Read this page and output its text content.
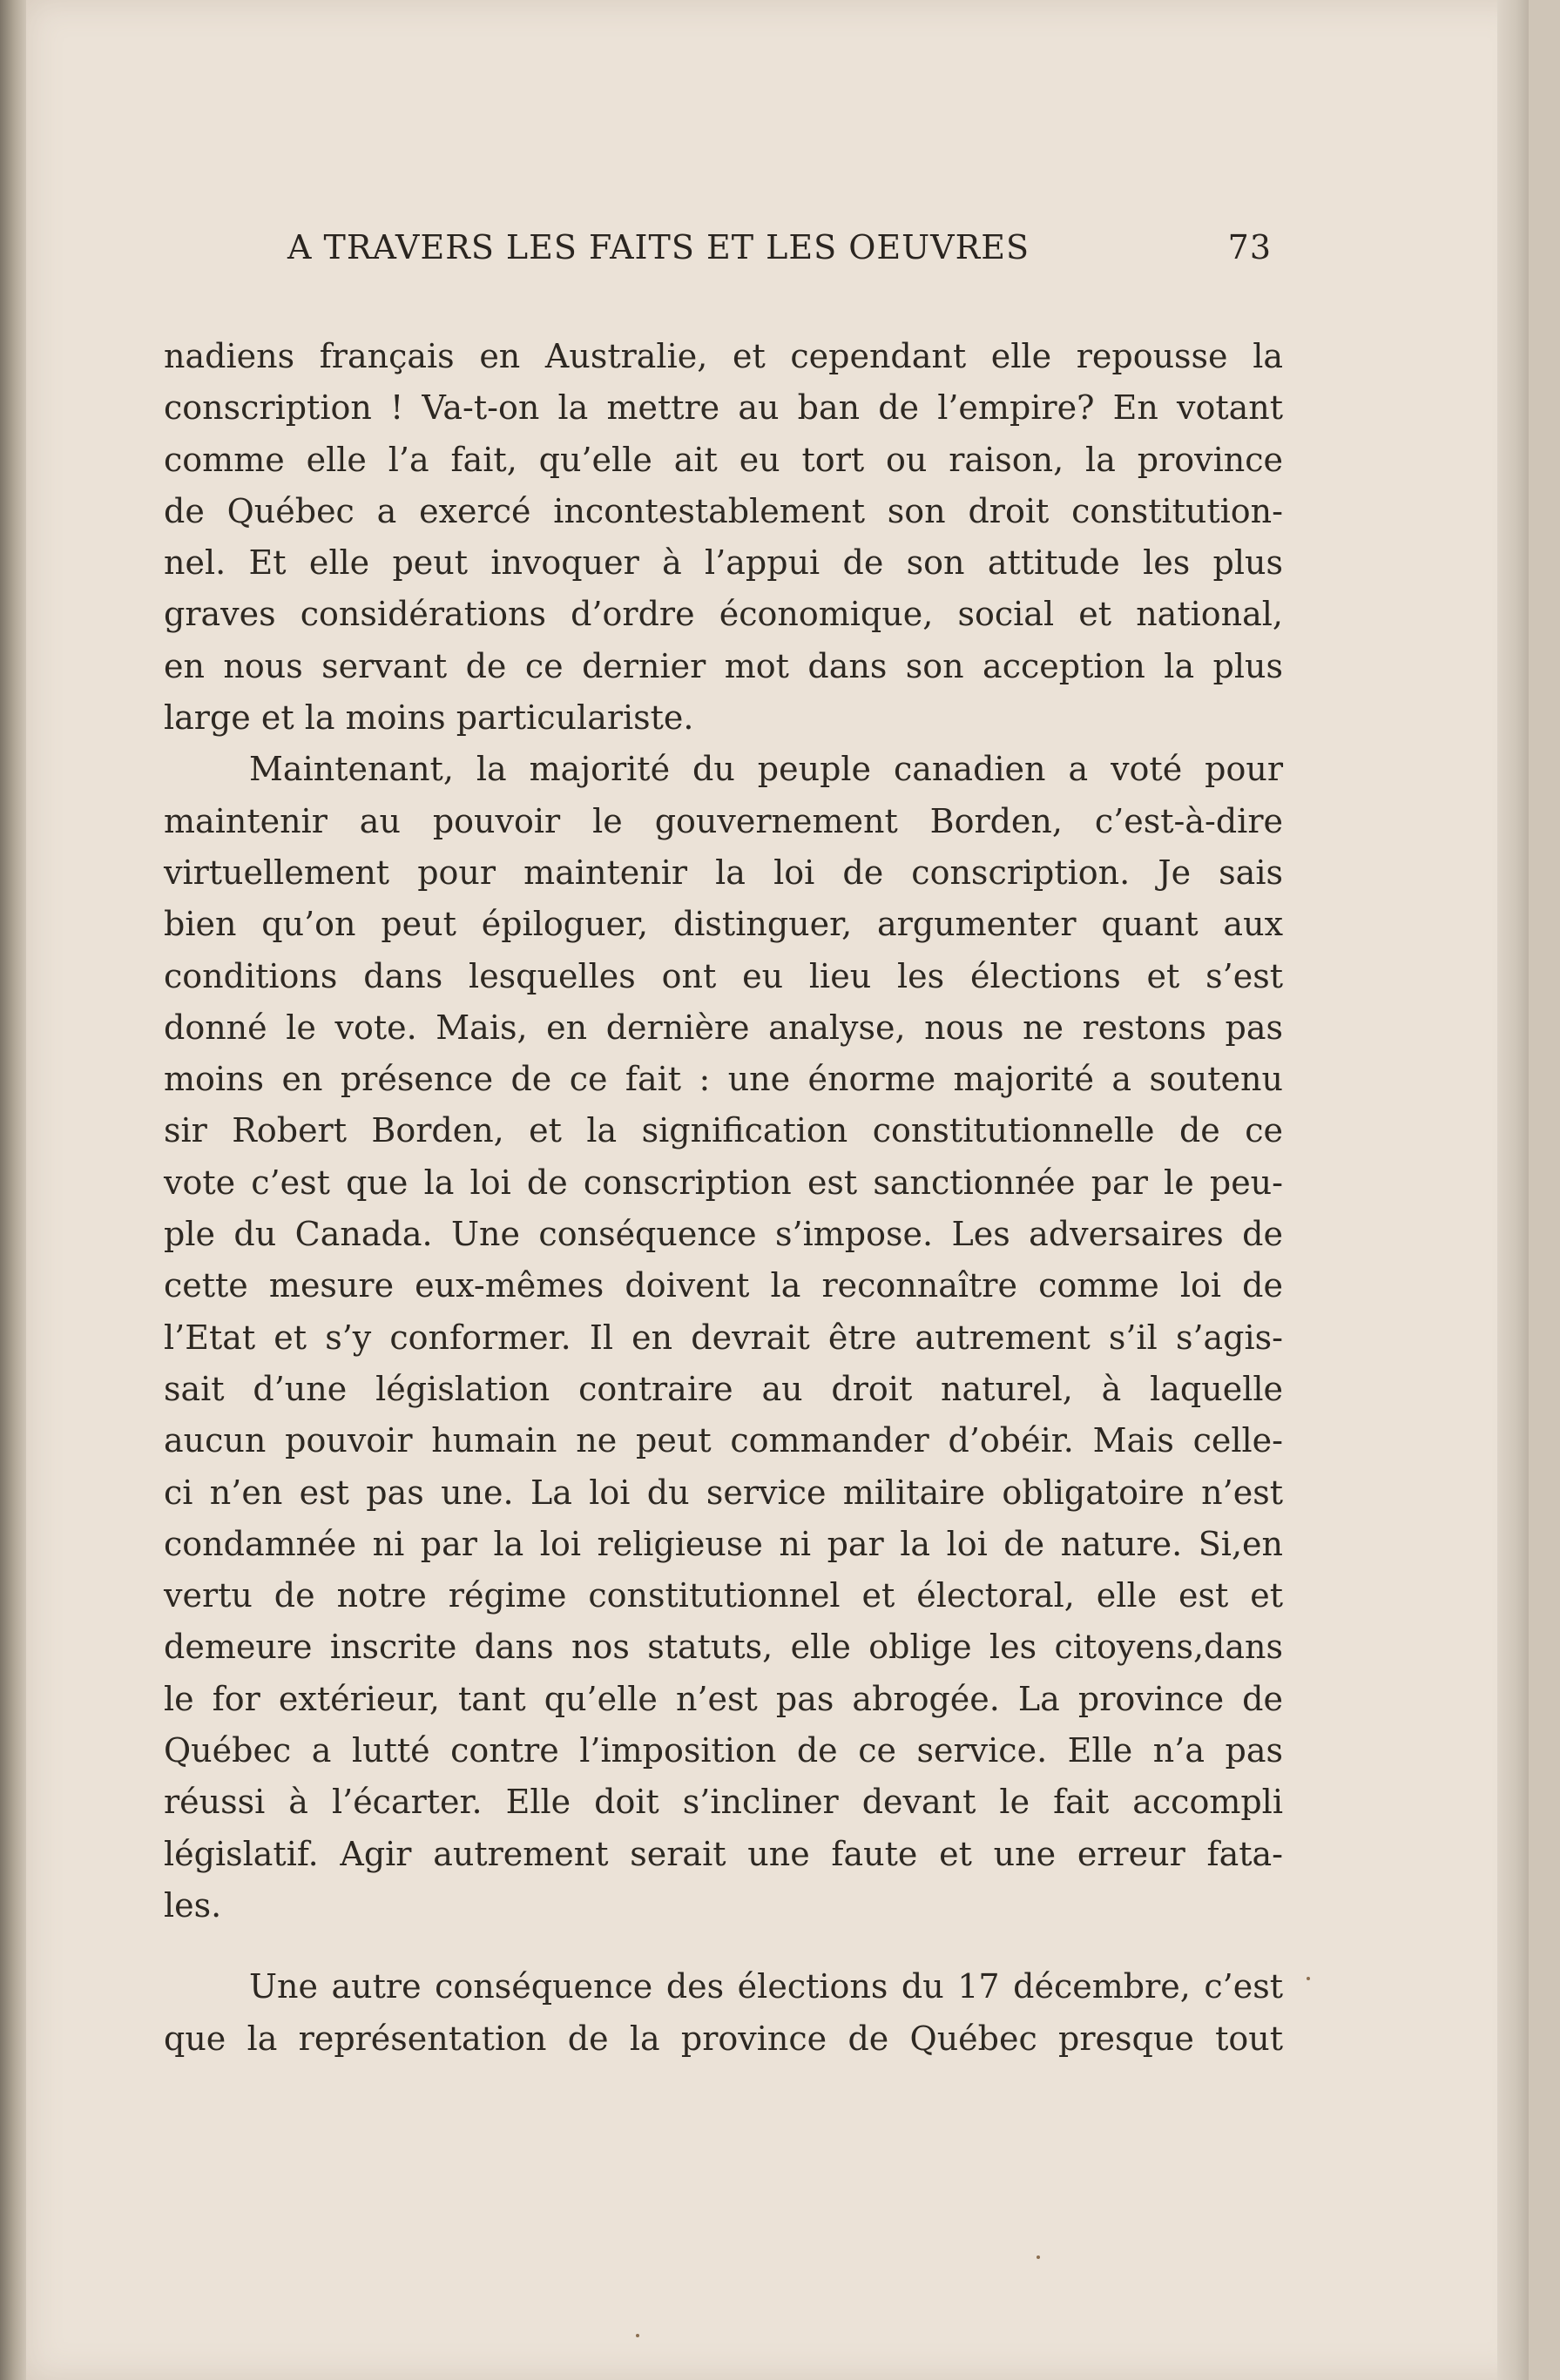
A TRAVERS LES FAITS ET LES OEUVRES	73
nadiens français en Australie, et cependant elle repousse la
conscription ! Va-t-on la mettre au ban de l’empire? En votant
comme elle l’a fait, qu’elle ait eu tort ou raison, la province
de Québec a exercé incontestablement son droit constitution-
nel. Et elle peut invoquer à l’appui de son attitude les plus
graves considérations d’ordre économique, social et national,
en nous servant de ce dernier mot dans son acception la plus
large et la moins particulariste.
Maintenant, la majorité du peuple canadien a voté pour
maintenir au pouvoir le gouvernement Borden, c’est-à-dire
virtuellement pour maintenir la loi de conscription. Je sais
bien qu’on peut épiloguer, distinguer, argumenter quant aux
conditions dans lesquelles ont eu lieu les élections et s’est
donné le vote. Mais, en dernière analyse, nous ne restons pas
moins en présence de ce fait : une énorme majorité a soutenu
sir Robert Borden, et la signification constitutionnelle de ce
vote c’est que la loi de conscription est sanctionnée par le peu-
ple du Canada. Une conséquence s’impose. Les adversaires de
cette mesure eux-mêmes doivent la reconnaître comme loi de
l’Etat et s’y conformer. Il en devrait être autrement s’il s’agis-
sait d’une législation contraire au droit naturel, à laquelle
aucun pouvoir humain ne peut commander d’obéir. Mais celle-
ci n’en est pas une. La loi du service militaire obligatoire n’est
condamnée ni par la loi religieuse ni par la loi de nature. Si,en
vertu de notre régime constitutionnel et électoral, elle est et
demeure inscrite dans nos statuts, elle oblige les citoyens,dans
le for extérieur, tant qu’elle n’est pas abrogée. La province de
Québec a lutté contre l’imposition de ce service. Elle n’a pas
réussi à l’écarter. Elle doit s’incliner devant le fait accompli
législatif. Agir autrement serait une faute et une erreur fata-
les.
Une autre conséquence des élections du 17 décembre, c’est
que la représentation de la province de Québec presque tout
